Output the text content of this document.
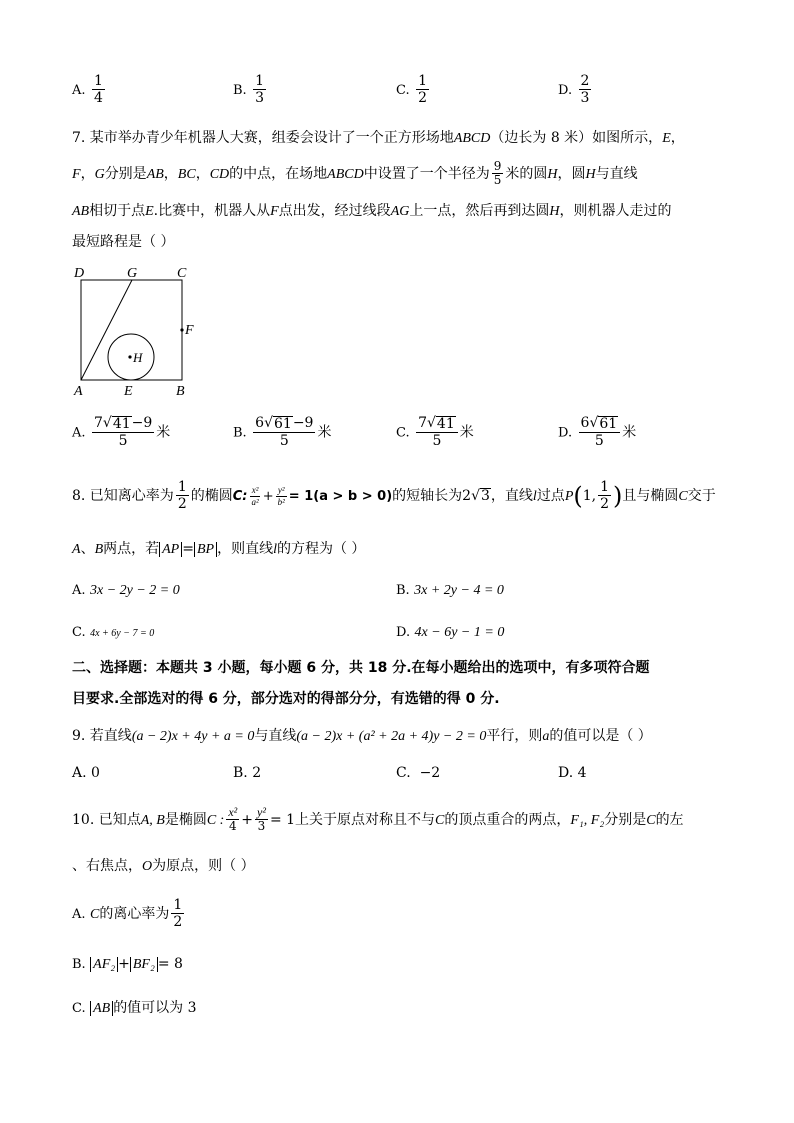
A. $\frac{1}{4}$	B. $\frac{1}{3}$	C. $\frac{1}{2}$	D. $\frac{2}{3}$
7. 某市举办青少年机器人大赛，组委会设计了一个正方形场地ABCD（边长为 8 米）如图所示，E，
F，G分别是AB，BC，CD的中点，在场地ABCD中设置了一个半径为 $\frac{9}{5}$ 米的圆H，圆H与直线
AB相切于点E.比赛中，机器人从F点出发，经过线段AG上一点，然后再到达圆H，则机器人走过的
最短路程是（ ）
D	G	C
F
H
A	E	B
A. $\frac{7 √ 41 -9}{5}$ 米	B. $\frac{6 √ 61 -9}{5}$ 米	C. $\frac{7 √ 41}{5}$ 米	D. $\frac{6 √ 61}{5}$ 米
8. 已知离心率为 $\frac{1}{2}$ 的椭圆C: $\frac{\text{x²}}{\text{a²}} + \frac{\text{y²}}{\text{b²}} = 1(a > b > 0)$的短轴长为2 √ 3 ，直线l过点P(1, $\frac{1}{2}$ )且与椭圆C交于
A、B两点，若 AP = BP ，则直线l的方程为（ ）
A. 3x − 2y − 2 = 0	B. 3x + 2y − 4 = 0
C. 4x + 6y − 7 = 0	D. 4x − 6y − 1 = 0
二、选择题：本题共 3 小题，每小题 6 分，共 18 分.在每小题给出的选项中，有多项符合题
目要求.全部选对的得 6 分，部分选对的得部分分，有选错的得 0 分.
9. 若直线(a − 2)x + 4y + a = 0与直线(a − 2)x + (a² + 2a + 4)y − 2 = 0平行，则a的值可以是（ ）
A. 0	B. 2	C. −2	D. 4
10. 已知点A, B是椭圆C : $\frac{\text{x²}}{4} + \frac{\text{y²}}{3} = 1$上关于原点对称且不与C的顶点重合的两点，F₁, F₂分别是C的左
、右焦点，O为原点，则（ ）
A. C的离心率为 $\frac{1}{2}$
B. AF₂ + BF₂ = 8
C. AB 的值可以为 3
